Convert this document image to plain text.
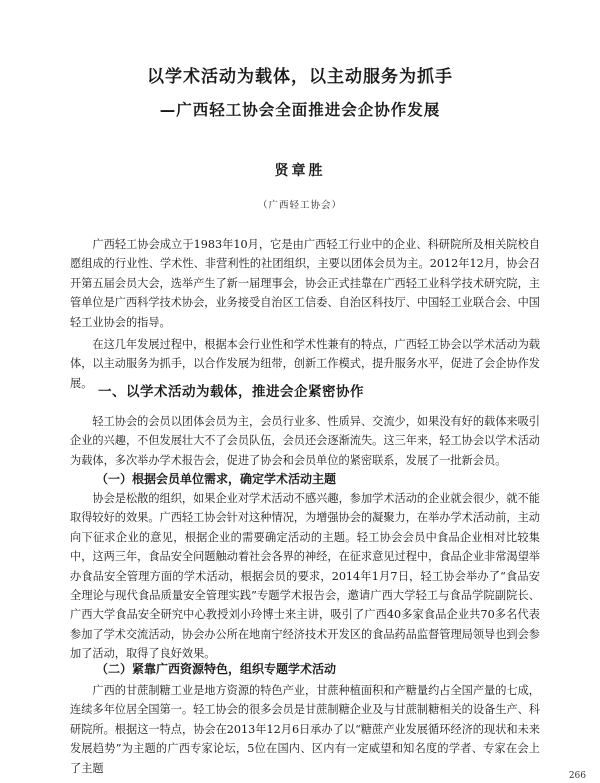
以学术活动为载体，以主动服务为抓手
—广西轻工协会全面推进会企协作发展
贤章胜
（广西轻工协会）
广西轻工协会成立于1983年10月，它是由广西轻工行业中的企业、科研院所及相关院校自愿组成的行业性、学术性、非营利性的社团组织，主要以团体会员为主。2012年12月，协会召开第五届会员大会，选举产生了新一届理事会，协会正式挂靠在广西轻工业科学技术研究院，主管单位是广西科学技术协会，业务接受自治区工信委、自治区科技厅、中国轻工业联合会、中国轻工业协会的指导。
在这几年发展过程中，根据本会行业性和学术性兼有的特点，广西轻工协会以学术活动为载体，以主动服务为抓手，以合作发展为纽带，创新工作模式，提升服务水平，促进了会企协作发展。
一、以学术活动为载体，推进会企紧密协作
轻工协会的会员以团体会员为主，会员行业多、性质异、交流少，如果没有好的载体来吸引企业的兴趣，不但发展壮大不了会员队伍，会员还会逐渐流失。这三年来，轻工协会以学术活动为载体，多次举办学术报告会，促进了协会和会员单位的紧密联系，发展了一批新会员。
（一）根据会员单位需求，确定学术活动主题
协会是松散的组织，如果企业对学术活动不感兴趣，参加学术活动的企业就会很少，就不能取得较好的效果。广西轻工协会针对这种情况，为增强协会的凝聚力，在举办学术活动前，主动向下征求企业的意见，根据企业的需要确定活动的主题。轻工协会会员中食品企业相对比较集中，这两三年，食品安全问题触动着社会各界的神经，在征求意见过程中，食品企业非常渴望举办食品安全管理方面的学术活动，根据会员的要求，2014年1月7日，轻工协会举办了“食品安全理论与现代食品质量安全管理实践”专题学术报告会，邀请广西大学轻工与食品学院副院长、广西大学食品安全研究中心教授刘小玲博士来主讲，吸引了广西40多家食品企业共70多名代表参加了学术交流活动，协会办公所在地南宁经济技术开发区的食品药品监督管理局领导也到会参加了活动，取得了良好效果。
（二）紧靠广西资源特色，组织专题学术活动
广西的甘蔗制糖工业是地方资源的特色产业，甘蔗种植面积和产糖量约占全国产量的七成，连续多年位居全国第一。轻工协会的很多会员是甘蔗制糖企业及与甘蔗制糖相关的设备生产、科研院所。根据这一特点，协会在2013年12月6日承办了以“糖蔗产业发展循环经济的现状和未来发展趋势”为主题的广西专家论坛，5位在国内、区内有一定威望和知名度的学者、专家在会上了主题
266
